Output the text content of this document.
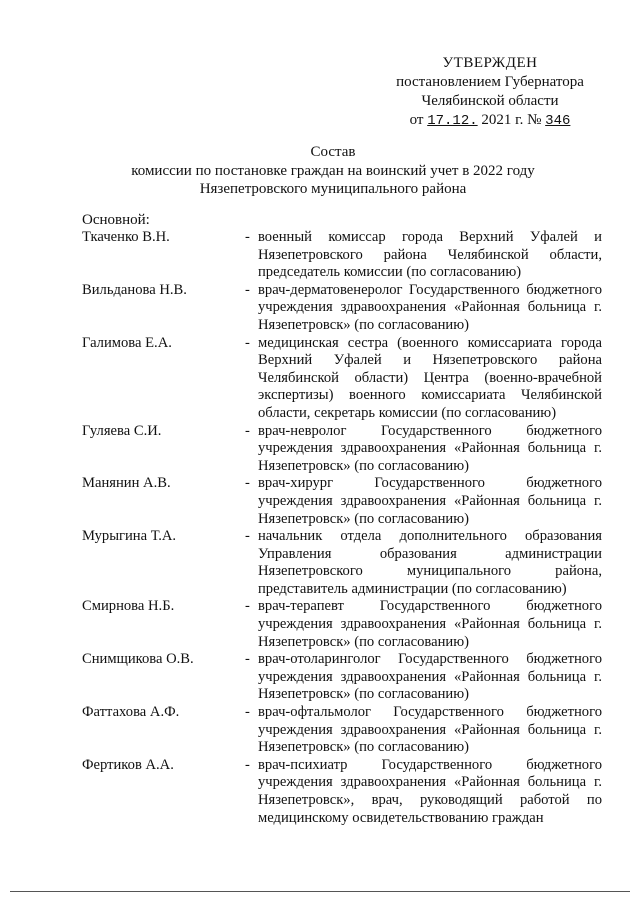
УТВЕРЖДЕН
постановлением Губернатора
Челябинской области
от 17.12. 2021 г. № 346
Состав
комиссии по постановке граждан на воинский учет в 2022 году
Нязепетровского муниципального района
Основной:
Ткаченко В.Н.	- военный комиссар города Верхний Уфалей и Нязепетровского района Челябинской области, председатель комиссии (по согласованию)
Вильданова Н.В.	- врач-дерматовенеролог Государственного бюджетного учреждения здравоохранения «Районная больница г. Нязепетровск» (по согласованию)
Галимова Е.А.	- медицинская сестра (военного комиссариата города Верхний Уфалей и Нязепетровского района Челябинской области) Центра (военно-врачебной экспертизы) военного комиссариата Челябинской области, секретарь комиссии (по согласованию)
Гуляева С.И.	- врач-невролог Государственного бюджетного учреждения здравоохранения «Районная больница г. Нязепетровск» (по согласованию)
Манянин А.В.	- врач-хирург Государственного бюджетного учреждения здравоохранения «Районная больница г. Нязепетровск» (по согласованию)
Мурыгина Т.А.	- начальник отдела дополнительного образования Управления образования администрации Нязепетровского муниципального района, представитель администрации (по согласованию)
Смирнова Н.Б.	- врач-терапевт Государственного бюджетного учреждения здравоохранения «Районная больница г. Нязепетровск» (по согласованию)
Снимщикова О.В.	- врач-отоларинголог Государственного бюджетного учреждения здравоохранения «Районная больница г. Нязепетровск» (по согласованию)
Фаттахова А.Ф.	- врач-офтальмолог Государственного бюджетного учреждения здравоохранения «Районная больница г. Нязепетровск» (по согласованию)
Фертиков А.А.	- врач-психиатр Государственного бюджетного учреждения здравоохранения «Районная больница г. Нязепетровск», врач, руководящий работой по медицинскому освидетельствованию граждан
